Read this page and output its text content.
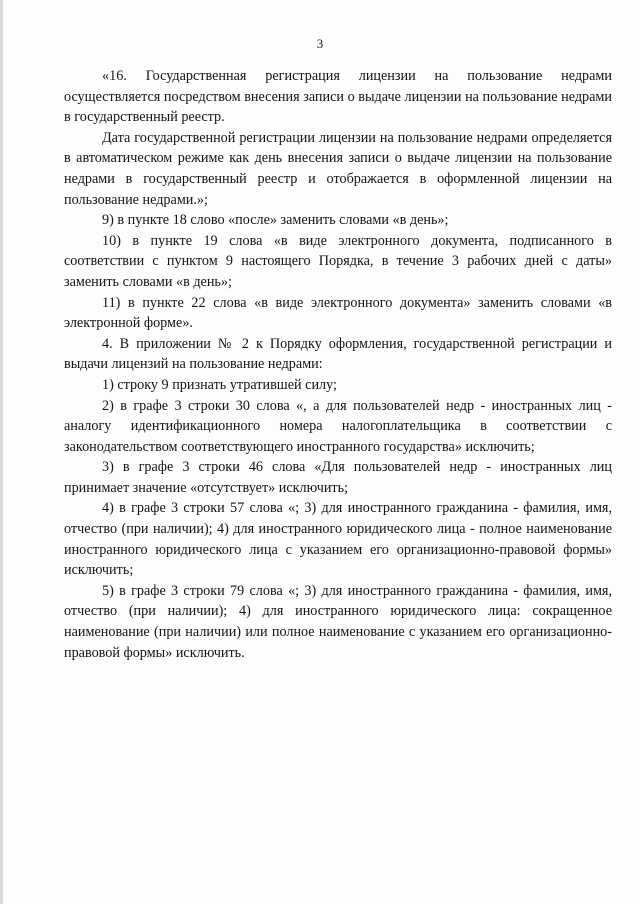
3

«16. Государственная регистрация лицензии на пользование недрами осуществляется посредством внесения записи о выдаче лицензии на пользование недрами в государственный реестр.

Дата государственной регистрации лицензии на пользование недрами определяется в автоматическом режиме как день внесения записи о выдаче лицензии на пользование недрами в государственный реестр и отображается в оформленной лицензии на пользование недрами.»;

9) в пункте 18 слово «после» заменить словами «в день»;

10) в пункте 19 слова «в виде электронного документа, подписанного в соответствии с пунктом 9 настоящего Порядка, в течение 3 рабочих дней с даты» заменить словами «в день»;

11) в пункте 22 слова «в виде электронного документа» заменить словами «в электронной форме».

4. В приложении № 2 к Порядку оформления, государственной регистрации и выдачи лицензий на пользование недрами:

1) строку 9 признать утратившей силу;

2) в графе 3 строки 30 слова «, а для пользователей недр - иностранных лиц - аналогу идентификационного номера налогоплательщика в соответствии с законодательством соответствующего иностранного государства» исключить;

3) в графе 3 строки 46 слова «Для пользователей недр - иностранных лиц принимает значение «отсутствует» исключить;

4) в графе 3 строки 57 слова «; 3) для иностранного гражданина - фамилия, имя, отчество (при наличии); 4) для иностранного юридического лица - полное наименование иностранного юридического лица с указанием его организационно-правовой формы» исключить;

5) в графе 3 строки 79 слова «; 3) для иностранного гражданина - фамилия, имя, отчество (при наличии); 4) для иностранного юридического лица: сокращенное наименование (при наличии) или полное наименование с указанием его организационно-правовой формы» исключить.
